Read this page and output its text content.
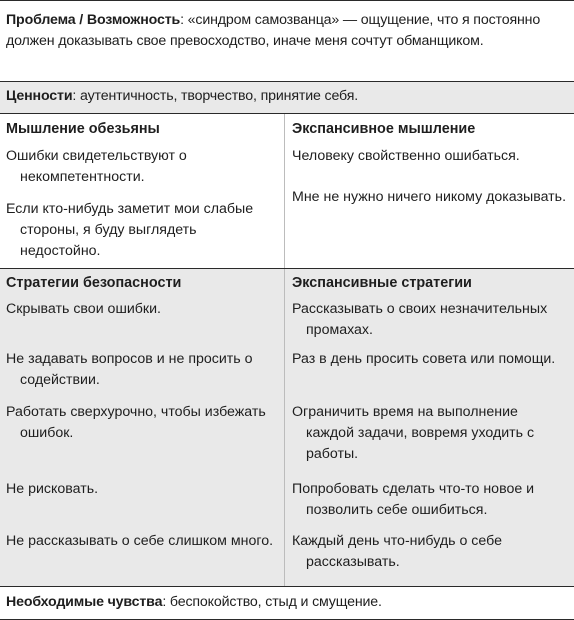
Проблема / Возможность: «синдром самозванца» — ощущение, что я постоянно должен доказывать свое превосходство, иначе меня сочтут обманщиком.
Ценности: аутентичность, творчество, принятие себя.
Мышление обезьяны
Ошибки свидетельствуют о некомпетентности.
Если кто-нибудь заметит мои слабые стороны, я буду выглядеть недостойно.
Экспансивное мышление
Человеку свойственно ошибаться.
Мне не нужно ничего никому доказывать.
Стратегии безопасности
Скрывать свои ошибки.
Не задавать вопросов и не просить о содействии.
Работать сверхурочно, чтобы избежать ошибок.
Не рисковать.
Не рассказывать о себе слишком много.
Экспансивные стратегии
Рассказывать о своих незначительных промахах.
Раз в день просить совета или помощи.
Ограничить время на выполнение каждой задачи, вовремя уходить с работы.
Попробовать сделать что-то новое и позволить себе ошибиться.
Каждый день что-нибудь о себе рассказывать.
Необходимые чувства: беспокойство, стыд и смущение.
